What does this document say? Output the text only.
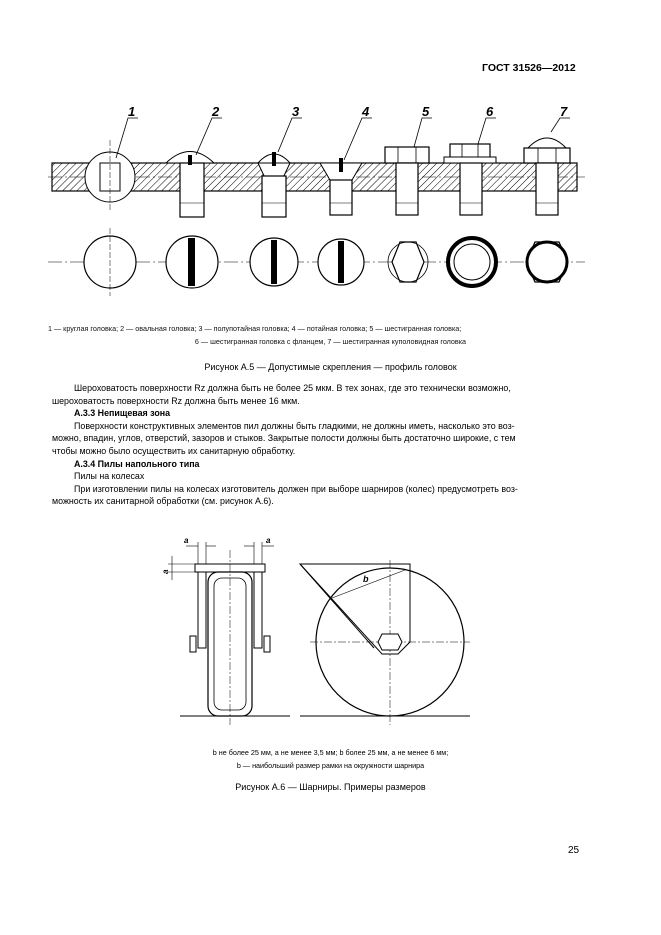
ГОСТ 31526—2012
1	2	3	4	5	6	7
1 — круглая головка; 2 — овальная головка; 3 — полупотайная головка; 4 — потайная головка; 5 — шестигранная головка;
6 — шестигранная головка с фланцем, 7 — шестигранная куполовидная головка
Рисунок А.5 — Допустимые скрепления — профиль головок

Шероховатость поверхности Rz должна быть не более 25 мкм. В тех зонах, где это технически возможно,

шероховатость поверхности Rz должна быть менее 16 мкм.

А.3.3 Непищевая зона

Поверхности конструктивных элементов пил должны быть гладкими, не должны иметь, насколько это воз-

можно, впадин, углов, отверстий, зазоров и стыков. Закрытые полости должны быть достаточно широкие, с тем

чтобы можно было осуществить их санитарную обработку.

А.3.4 Пилы напольного типа

Пилы на колесах

При изготовлении пилы на колесах изготовитель должен при выборе шарниров (колес) предусмотреть воз-

можность их санитарной обработки (см. рисунок А.6).

a	a
a
b
b не более 25 мм, a не менее 3,5 мм; b более 25 мм, a не менее 6 мм;
b — наибольший размер рамки на окружности шарнира
Рисунок А.6 — Шарниры. Примеры размеров
25
